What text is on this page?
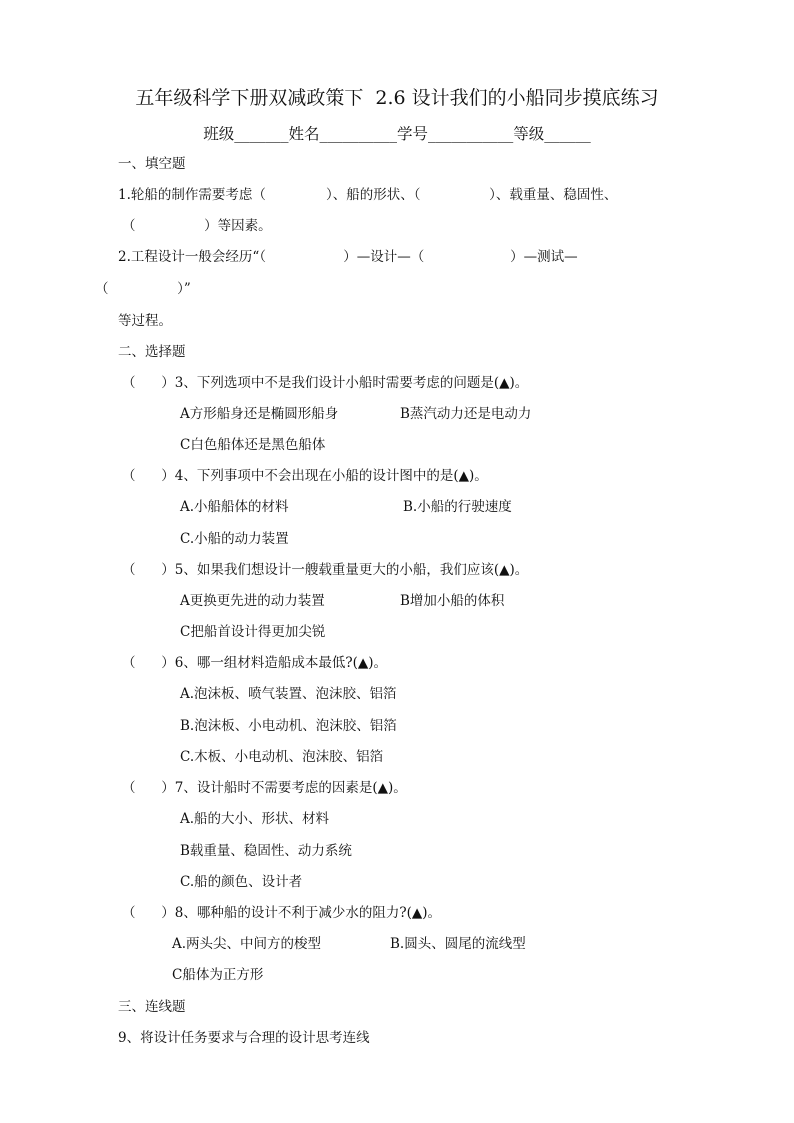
五年级科学下册双减政策下  2.6 设计我们的小船同步摸底练习
班级_______姓名__________学号___________等级______
一、填空题
1.轮船的制作需要考虑（              ）、船的形状、（                ）、载重量、稳固性、
（                ）等因素。
2.工程设计一般会经历“（                  ）—设计—（                    ）—测试—
（                ）”
等过程。
二、选择题
（      ）3、下列选项中不是我们设计小船时需要考虑的问题是(▲)。
A方形船身还是椭圆形船身	B蒸汽动力还是电动力
C白色船体还是黑色船体
（      ）4、下列事项中不会出现在小船的设计图中的是(▲)。
A.小船船体的材料	B.小船的行驶速度
C.小船的动力装置
（      ）5、如果我们想设计一艘载重量更大的小船，我们应该(▲)。
A更换更先进的动力装置	B增加小船的体积
C把船首设计得更加尖锐
（      ）6、哪一组材料造船成本最低?(▲)。
A.泡沫板、喷气装置、泡沫胶、铝箔
B.泡沫板、小电动机、泡沫胶、铝箔
C.木板、小电动机、泡沫胶、铝箔
（      ）7、设计船时不需要考虑的因素是(▲)。
A.船的大小、形状、材料
B载重量、稳固性、动力系统
C.船的颜色、设计者
（      ）8、哪种船的设计不利于减少水的阻力?(▲)。
A.两头尖、中间方的梭型	B.圆头、圆尾的流线型
C船体为正方形
三、连线题
9、将设计任务要求与合理的设计思考连线
